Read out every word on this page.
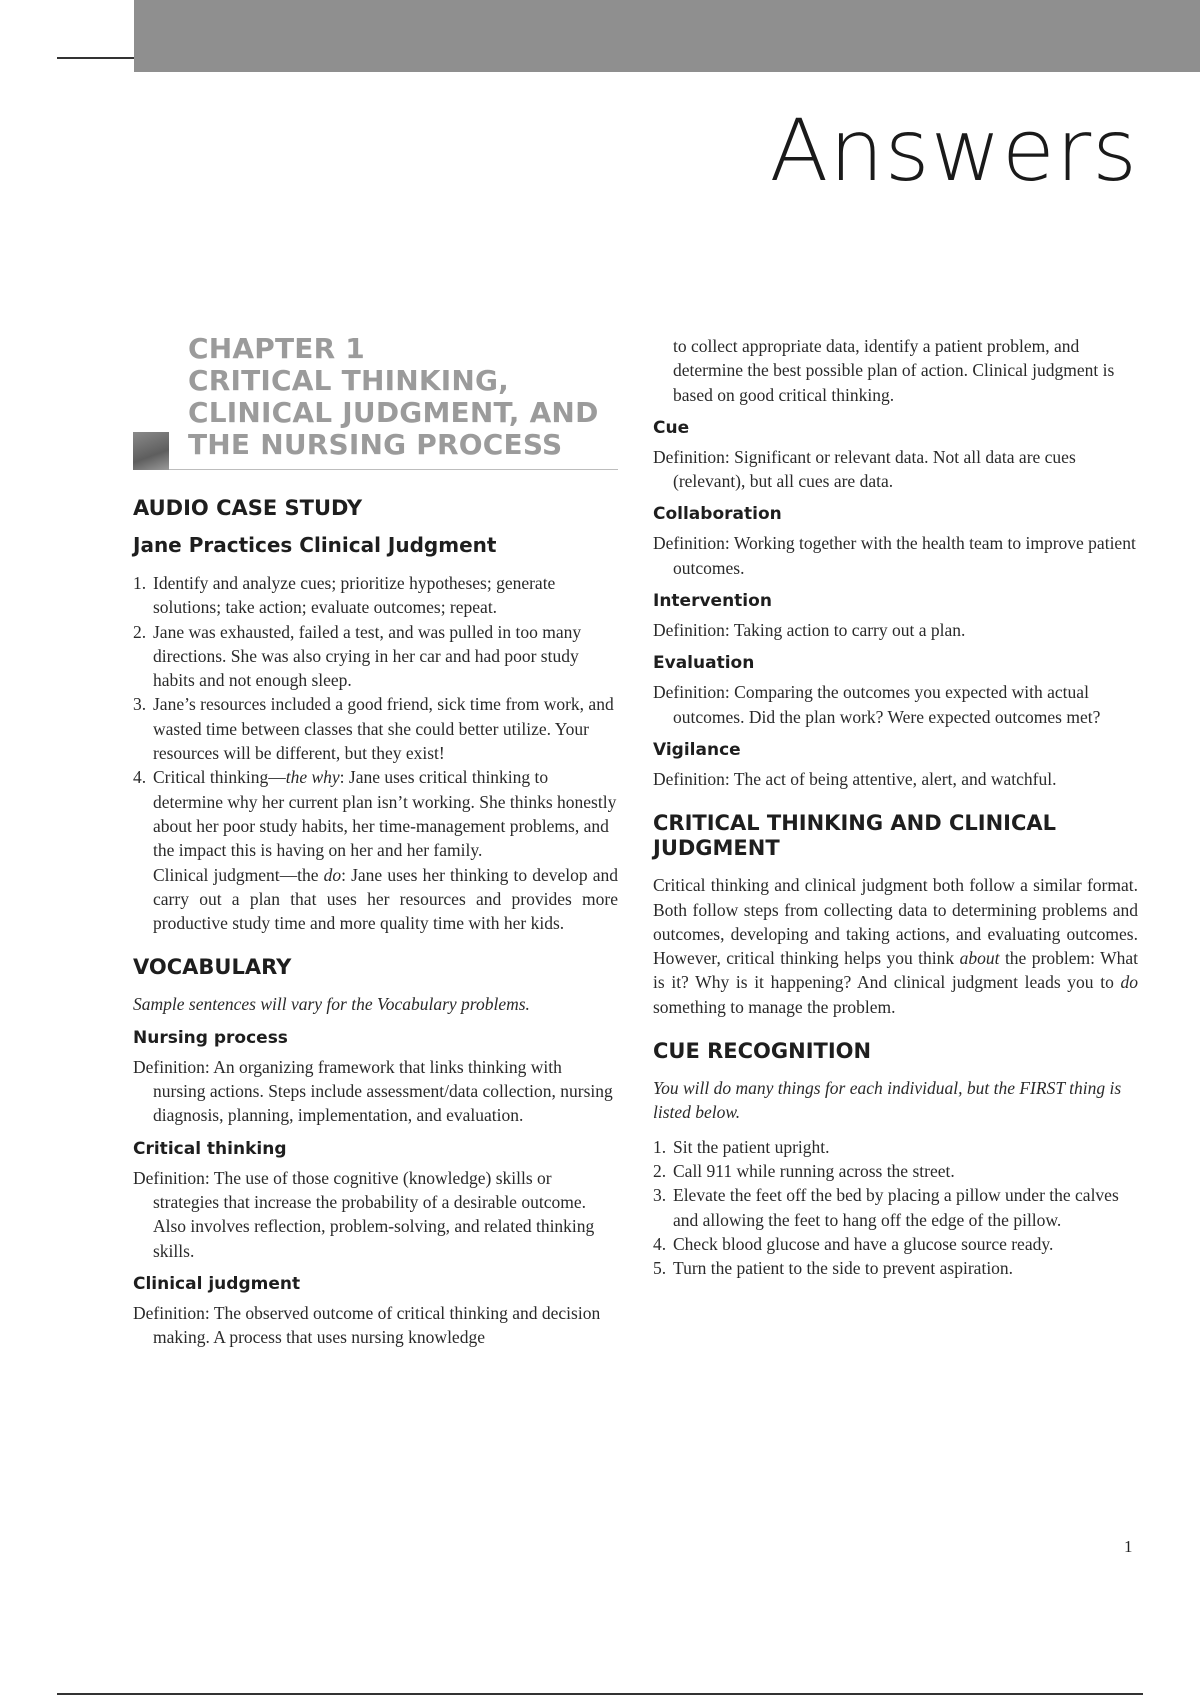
Answers
CHAPTER 1
CRITICAL THINKING,
CLINICAL JUDGMENT, AND
THE NURSING PROCESS
AUDIO CASE STUDY
Jane Practices Clinical Judgment
1. Identify and analyze cues; prioritize hypotheses; generate solutions; take action; evaluate outcomes; repeat.
2. Jane was exhausted, failed a test, and was pulled in too many directions. She was also crying in her car and had poor study habits and not enough sleep.
3. Jane’s resources included a good friend, sick time from work, and wasted time between classes that she could better utilize. Your resources will be different, but they exist!
4. Critical thinking—the why: Jane uses critical thinking to determine why her current plan isn’t working. She thinks honestly about her poor study habits, her time-management problems, and the impact this is having on her and her family.
Clinical judgment—the do: Jane uses her thinking to develop and carry out a plan that uses her resources and provides more productive study time and more quality time with her kids.
VOCABULARY

Sample sentences will vary for the Vocabulary problems.

Nursing process

Definition: An organizing framework that links thinking with nursing actions. Steps include assessment/data collection, nursing diagnosis, planning, implementation, and evaluation.

Critical thinking

Definition: The use of those cognitive (knowledge) skills or strategies that increase the probability of a desirable outcome. Also involves reflection, problem-solving, and related thinking skills.

Clinical judgment

Definition: The observed outcome of critical thinking and decision making. A process that uses nursing knowledge

to collect appropriate data, identify a patient problem, and determine the best possible plan of action. Clinical judgment is based on good critical thinking.

Cue

Definition: Significant or relevant data. Not all data are cues (relevant), but all cues are data.

Collaboration

Definition: Working together with the health team to improve patient outcomes.

Intervention

Definition: Taking action to carry out a plan.

Evaluation

Definition: Comparing the outcomes you expected with actual outcomes. Did the plan work? Were expected outcomes met?

Vigilance

Definition: The act of being attentive, alert, and watchful.

CRITICAL THINKING AND CLINICAL JUDGMENT

Critical thinking and clinical judgment both follow a similar format. Both follow steps from collecting data to determining problems and outcomes, developing and taking actions, and evaluating outcomes. However, critical thinking helps you think about the problem: What is it? Why is it happening? And clinical judgment leads you to do something to manage the problem.

CUE RECOGNITION

You will do many things for each individual, but the FIRST thing is listed below.

1. Sit the patient upright.
2. Call 911 while running across the street.
3. Elevate the feet off the bed by placing a pillow under the calves and allowing the feet to hang off the edge of the pillow.
4. Check blood glucose and have a glucose source ready.
5. Turn the patient to the side to prevent aspiration.
1
